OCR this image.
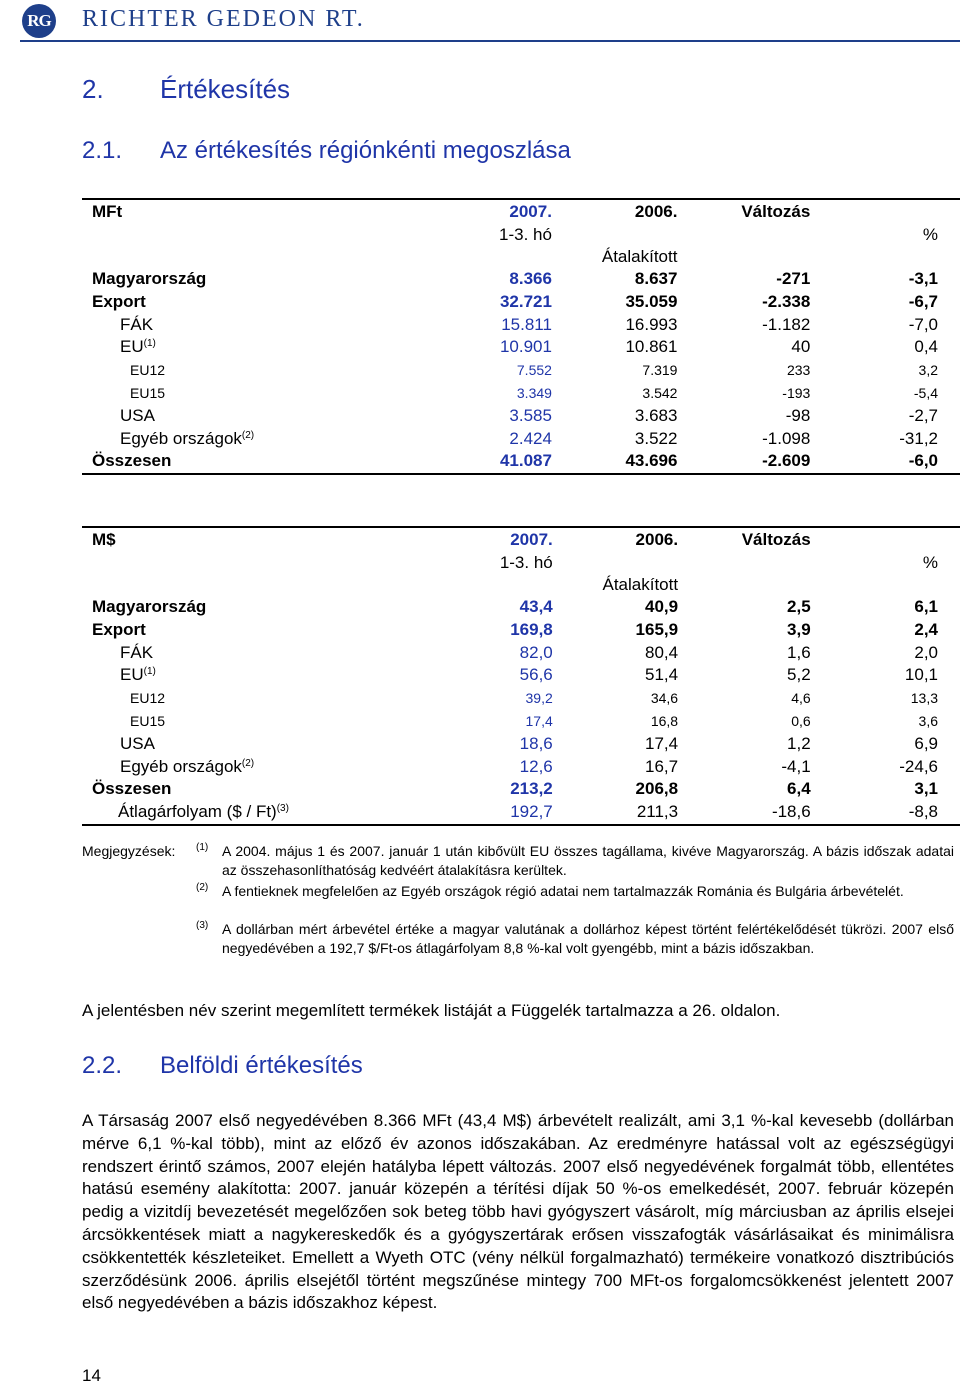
RG RICHTER GEDEON RT.
2. Értékesítés
2.1. Az értékesítés régiónkénti megoszlása
MFt	2007.	2006.	Változás	
	1-3. hó			%
		Átalakított		
Magyarország	8.366	8.637	-271	-3,1
Export	32.721	35.059	-2.338	-6,7
FÁK	15.811	16.993	-1.182	-7,0
EU$^{(1)}$	10.901	10.861	40	0,4
EU12	7.552	7.319	233	3,2
EU15	3.349	3.542	-193	-5,4
USA	3.585	3.683	-98	-2,7
Egyéb országok$^{(2)}$	2.424	3.522	-1.098	-31,2
Összesen	41.087	43.696	-2.609	-6,0
M$	2007.	2006.	Változás	
	1-3. hó			%
		Átalakított		
Magyarország	43,4	40,9	2,5	6,1
Export	169,8	165,9	3,9	2,4
FÁK	82,0	80,4	1,6	2,0
EU$^{(1)}$	56,6	51,4	5,2	10,1
EU12	39,2	34,6	4,6	13,3
EU15	17,4	16,8	0,6	3,6
USA	18,6	17,4	1,2	6,9
Egyéb országok$^{(2)}$	12,6	16,7	-4,1	-24,6
Összesen	213,2	206,8	6,4	3,1
Átlagárfolyam ($ / Ft)$^{(3)}$	192,7	211,3	-18,6	-8,8
Megjegyzések: (1) A 2004. május 1 és 2007. január 1 után kibővült EU összes tagállama, kivéve Magyarország. A bázis időszak adatai az összehasonlíthatóság kedvéért átalakításra kerültek.
(2) A fentieknek megfelelően az Egyéb országok régió adatai nem tartalmazzák Románia és Bulgária árbevételét.
(3) A dollárban mért árbevétel értéke a magyar valutának a dollárhoz képest történt felértékelődését tükrözi. 2007 első negyedévében a 192,7 $/Ft-os átlagárfolyam 8,8 %-kal volt gyengébb, mint a bázis időszakban.
A jelentésben név szerint megemlített termékek listáját a Függelék tartalmazza a 26. oldalon.
2.2. Belföldi értékesítés
A Társaság 2007 első negyedévében 8.366 MFt (43,4 M$) árbevételt realizált, ami 3,1 %-kal kevesebb (dollárban mérve 6,1 %-kal több), mint az előző év azonos időszakában. Az eredményre hatással volt az egészségügyi rendszert érintő számos, 2007 elején hatályba lépett változás. 2007 első negyedévének forgalmát több, ellentétes hatású esemény alakította: 2007. január közepén a térítési díjak 50 %-os emelkedését, 2007. február közepén pedig a vizitdíj bevezetését megelőzően sok beteg több havi gyógyszert vásárolt, míg márciusban az április elsejei árcsökkentések miatt a nagykereskedők és a gyógyszertárak erősen visszafogták vásárlásaikat és minimálisra csökkentették készleteiket. Emellett a Wyeth OTC (vény nélkül forgalmazható) termékeire vonatkozó disztribúciós szerződésünk 2006. április elsejétől történt megszűnése mintegy 700 MFt-os forgalomcsökkenést jelentett 2007 első negyedévében a bázis időszakhoz képest.
14
